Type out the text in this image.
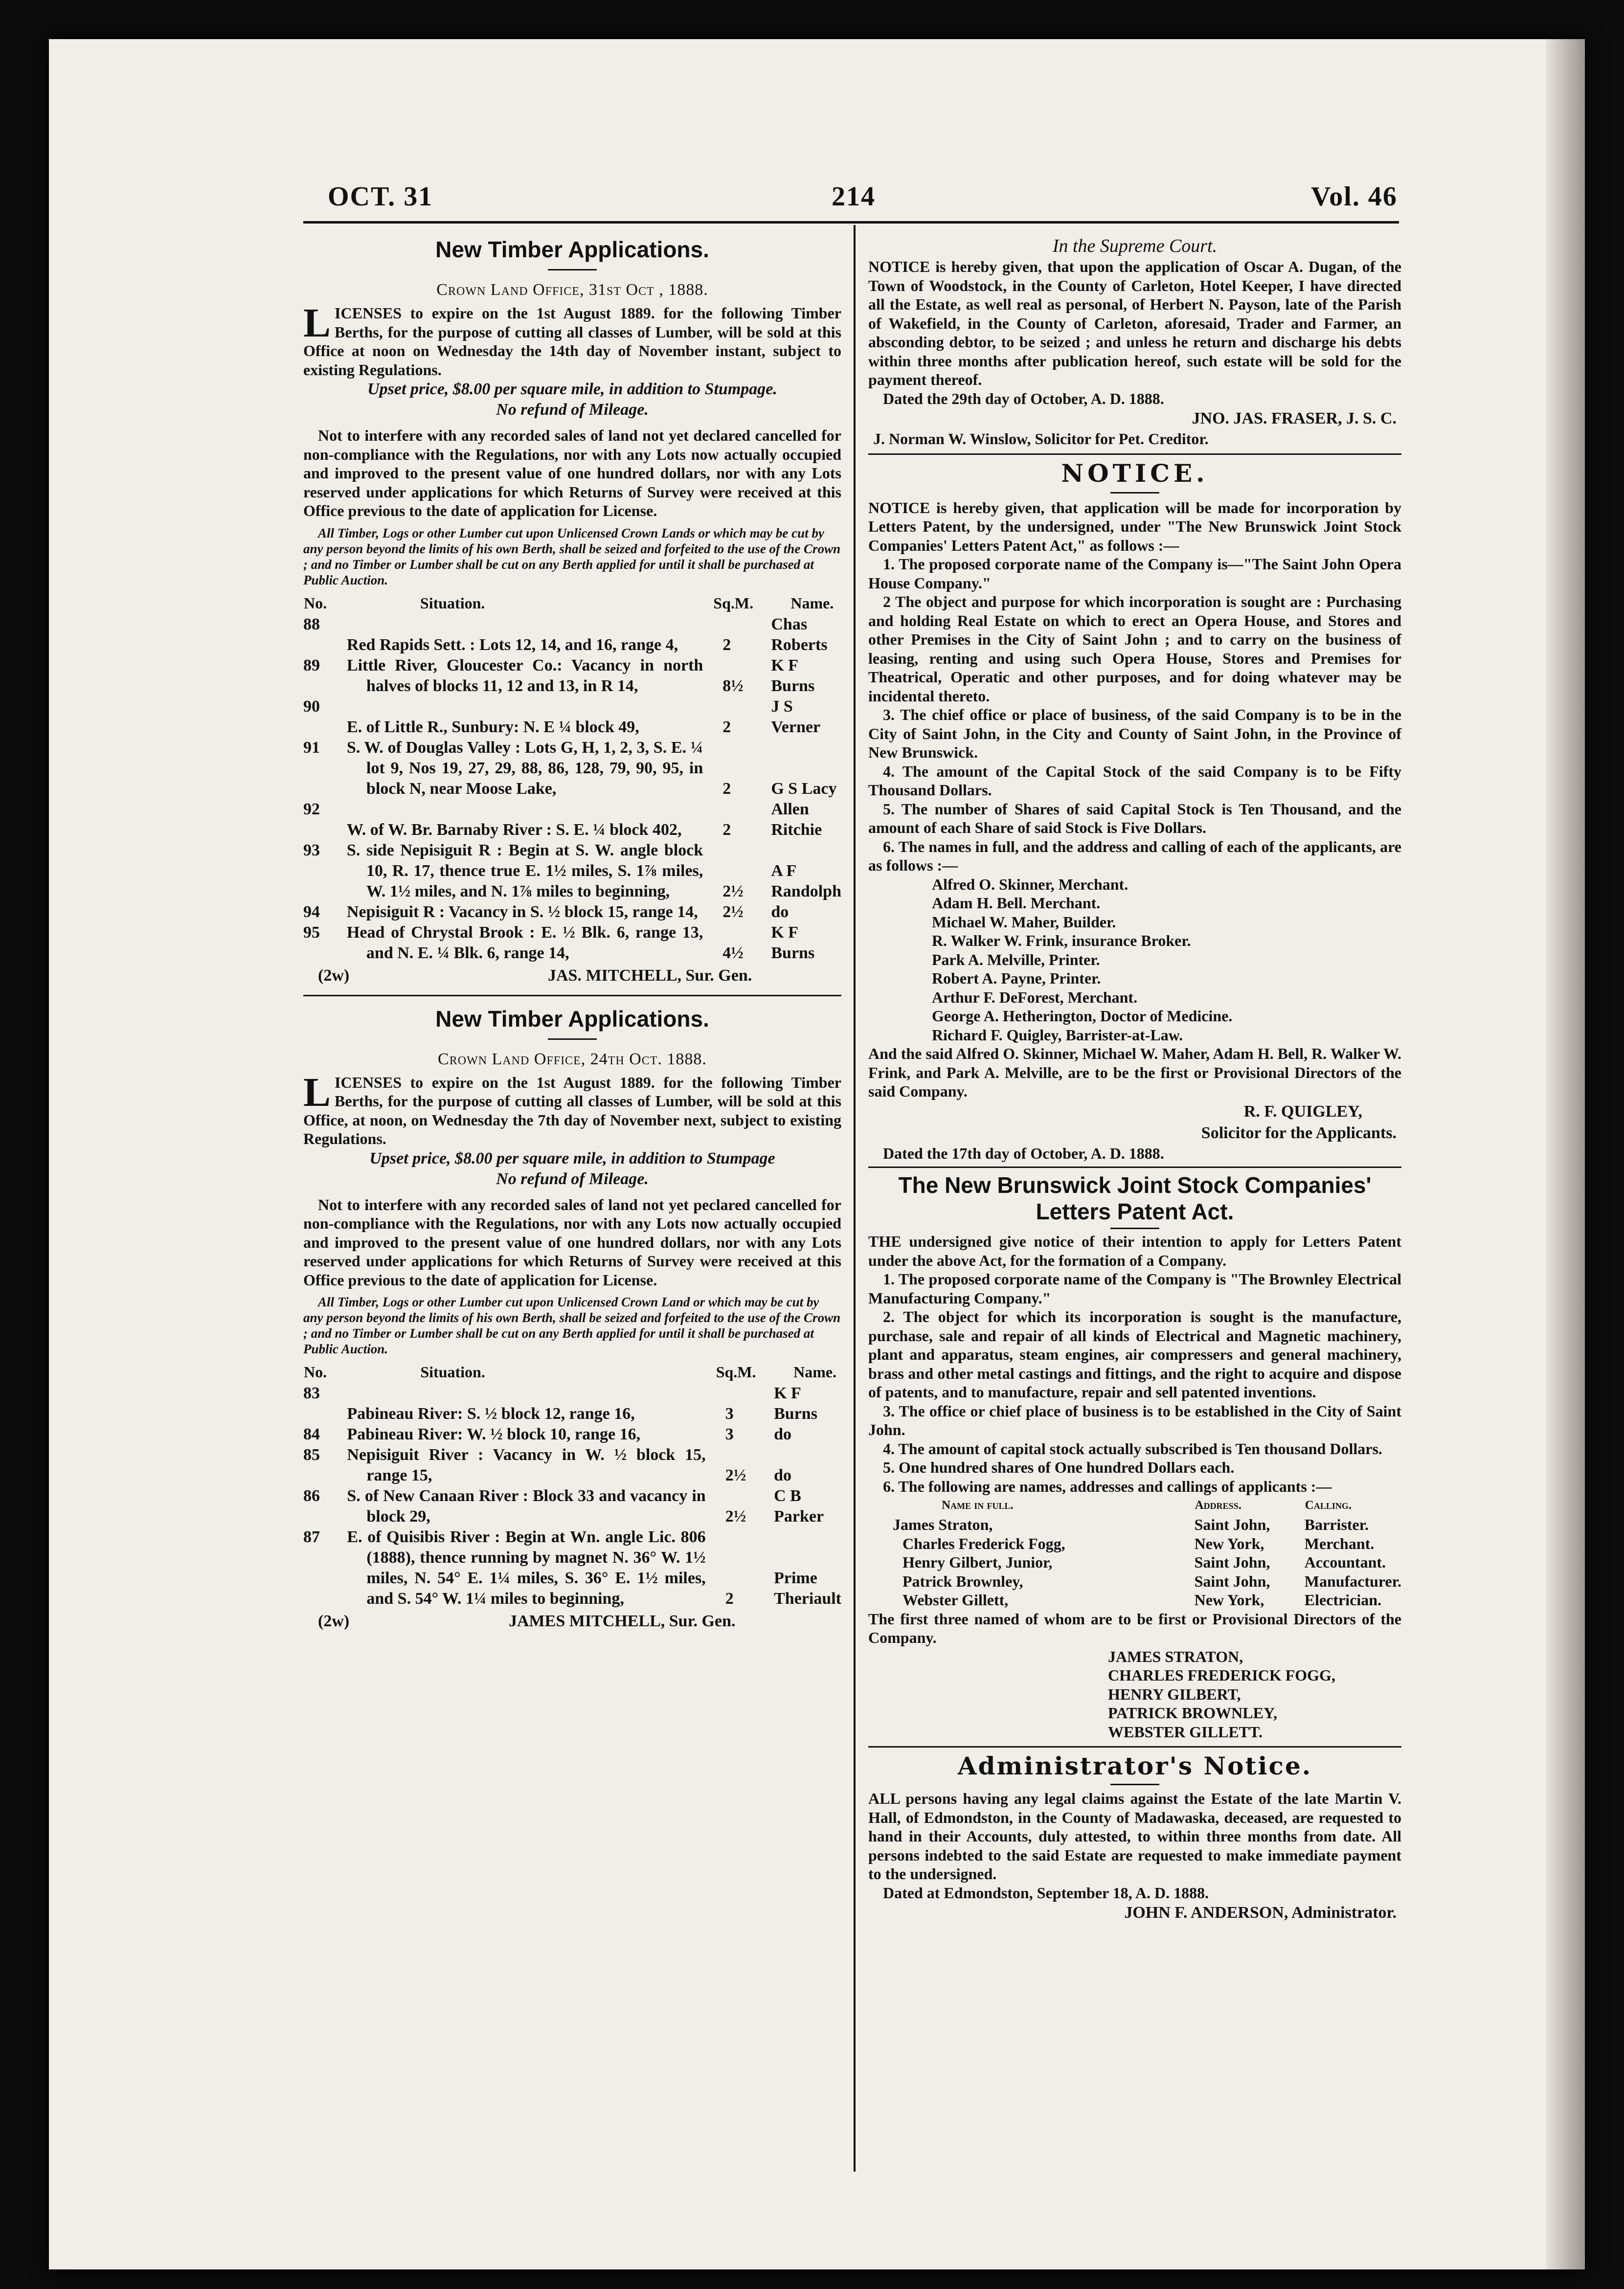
OCT. 31	214	Vol. 46
New Timber Applications.
Crown Land Office, 31st Oct , 1888.

LICENSES to expire on the 1st August 1889. for the following Timber Berths, for the purpose of cutting all classes of Lumber, will be sold at this Office at noon on Wednesday the 14th day of November instant, subject to existing Regulations.

Upset price, $8.00 per square mile, in addition to Stumpage.
No refund of Mileage.

Not to interfere with any recorded sales of land not yet declared cancelled for non-compliance with the Regulations, nor with any Lots now actually occupied and improved to the present value of one hundred dollars, nor with any Lots reserved under applications for which Returns of Survey were received at this Office previous to the date of application for License.

All Timber, Logs or other Lumber cut upon Unlicensed Crown Lands or which may be cut by any person beyond the limits of his own Berth, shall be seized and forfeited to the use of the Crown ; and no Timber or Lumber shall be cut on any Berth applied for until it shall be purchased at Public Auction.

No.	Situation.	Sq.M.	Name.
88	Red Rapids Sett. : Lots 12, 14, and 16, range 4,	2	Chas Roberts
89	Little River, Gloucester Co.: Vacancy in north halves of blocks 11, 12 and 13, in R 14,	8½	K F Burns
90	E. of Little R., Sunbury: N. E ¼ block 49,	2	J S Verner
91	S. W. of Douglas Valley : Lots G, H, 1, 2, 3, S. E. ¼ lot 9, Nos 19, 27, 29, 88, 86, 128, 79, 90, 95, in block N, near Moose Lake,	2	G S Lacy
92	W. of W. Br. Barnaby River : S. E. ¼ block 402,	2	Allen Ritchie
93	S. side Nepisiguit R : Begin at S. W. angle block 10, R. 17, thence true E. 1½ miles, S. 1⅞ miles, W. 1½ miles, and N. 1⅞ miles to beginning,	2½	A F Randolph
94	Nepisiguit R : Vacancy in S. ½ block 15, range 14,	2½	do
95	Head of Chrystal Brook : E. ½ Blk. 6, range 13, and N. E. ¼ Blk. 6, range 14,	4½	K F Burns
(2w)	JAS. MITCHELL, Sur. Gen.
New Timber Applications.
Crown Land Office, 24th Oct. 1888.

LICENSES to expire on the 1st August 1889. for the following Timber Berths, for the purpose of cutting all classes of Lumber, will be sold at this Office, at noon, on Wednesday the 7th day of November next, subject to existing Regulations.

Upset price, $8.00 per square mile, in addition to Stumpage
No refund of Mileage.

Not to interfere with any recorded sales of land not yet peclared cancelled for non-compliance with the Regulations, nor with any Lots now actually occupied and improved to the present value of one hundred dollars, nor with any Lots reserved under applications for which Returns of Survey were received at this Office previous to the date of application for License.

All Timber, Logs or other Lumber cut upon Unlicensed Crown Land or which may be cut by any person beyond the limits of his own Berth, shall be seized and forfeited to the use of the Crown ; and no Timber or Lumber shall be cut on any Berth applied for until it shall be purchased at Public Auction.

No.	Situation.	Sq.M.	Name.
83	Pabineau River: S. ½ block 12, range 16,	3	K F Burns
84	Pabineau River: W. ½ block 10, range 16,	3	do
85	Nepisiguit River : Vacancy in W. ½ block 15, range 15,	2½	do
86	S. of New Canaan River : Block 33 and vacancy in block 29,	2½	C B Parker
87	E. of Quisibis River : Begin at Wn. angle Lic. 806 (1888), thence running by magnet N. 36° W. 1½ miles, N. 54° E. 1¼ miles, S. 36° E. 1½ miles, and S. 54° W. 1¼ miles to beginning,	2	Prime Theriault
(2w)	JAMES MITCHELL, Sur. Gen.
In the Supreme Court.

NOTICE is hereby given, that upon the application of Oscar A. Dugan, of the Town of Woodstock, in the County of Carleton, Hotel Keeper, I have directed all the Estate, as well real as personal, of Herbert N. Payson, late of the Parish of Wakefield, in the County of Carleton, aforesaid, Trader and Farmer, an absconding debtor, to be seized ; and unless he return and discharge his debts within three months after publication hereof, such estate will be sold for the payment thereof.

Dated the 29th day of October, A. D. 1888.

JNO. JAS. FRASER, J. S. C.

J. Norman W. Winslow, Solicitor for Pet. Creditor.

NOTICE.

NOTICE is hereby given, that application will be made for incorporation by Letters Patent, by the undersigned, under "The New Brunswick Joint Stock Companies' Letters Patent Act," as follows :—

1. The proposed corporate name of the Company is—"The Saint John Opera House Company."

2 The object and purpose for which incorporation is sought are : Purchasing and holding Real Estate on which to erect an Opera House, and Stores and other Premises in the City of Saint John ; and to carry on the business of leasing, renting and using such Opera House, Stores and Premises for Theatrical, Operatic and other purposes, and for doing whatever may be incidental thereto.

3. The chief office or place of business, of the said Company is to be in the City of Saint John, in the City and County of Saint John, in the Province of New Brunswick.

4. The amount of the Capital Stock of the said Company is to be Fifty Thousand Dollars.

5. The number of Shares of said Capital Stock is Ten Thousand, and the amount of each Share of said Stock is Five Dollars.

6. The names in full, and the address and calling of each of the applicants, are as follows :—

Alfred O. Skinner, Merchant.
Adam H. Bell. Merchant.
Michael W. Maher, Builder.
R. Walker W. Frink, insurance Broker.
Park A. Melville, Printer.
Robert A. Payne, Printer.
Arthur F. DeForest, Merchant.
George A. Hetherington, Doctor of Medicine.
Richard F. Quigley, Barrister-at-Law.

And the said Alfred O. Skinner, Michael W. Maher, Adam H. Bell, R. Walker W. Frink, and Park A. Melville, are to be the first or Provisional Directors of the said Company.

R. F. QUIGLEY,

Solicitor for the Applicants.

Dated the 17th day of October, A. D. 1888.

The New Brunswick Joint Stock Companies'
Letters Patent Act.

THE undersigned give notice of their intention to apply for Letters Patent under the above Act, for the formation of a Company.

1. The proposed corporate name of the Company is "The Brownley Electrical Manufacturing Company."

2. The object for which its incorporation is sought is the manufacture, purchase, sale and repair of all kinds of Electrical and Magnetic machinery, plant and apparatus, steam engines, air compressers and general machinery, brass and other metal castings and fittings, and the right to acquire and dispose of patents, and to manufacture, repair and sell patented inventions.

3. The office or chief place of business is to be established in the City of Saint John.

4. The amount of capital stock actually subscribed is Ten thousand Dollars.

5. One hundred shares of One hundred Dollars each.

6. The following are names, addresses and callings of applicants :—

Name in full.	Address.	Calling.
James Straton,	Saint John,	Barrister.
Charles Frederick Fogg,	New York,	Merchant.
Henry Gilbert, Junior,	Saint John,	Accountant.
Patrick Brownley,	Saint John,	Manufacturer.
Webster Gillett,	New York,	Electrician.

The first three named of whom are to be first or Provisional Directors of the Company.

JAMES STRATON,
CHARLES FREDERICK FOGG,
HENRY GILBERT,
PATRICK BROWNLEY,
WEBSTER GILLETT.
Administrator's Notice.

ALL persons having any legal claims against the Estate of the late Martin V. Hall, of Edmondston, in the County of Madawaska, deceased, are requested to hand in their Accounts, duly attested, to within three months from date. All persons indebted to the said Estate are requested to make immediate payment to the undersigned.

Dated at Edmondston, September 18, A. D. 1888.

JOHN F. ANDERSON, Administrator.
